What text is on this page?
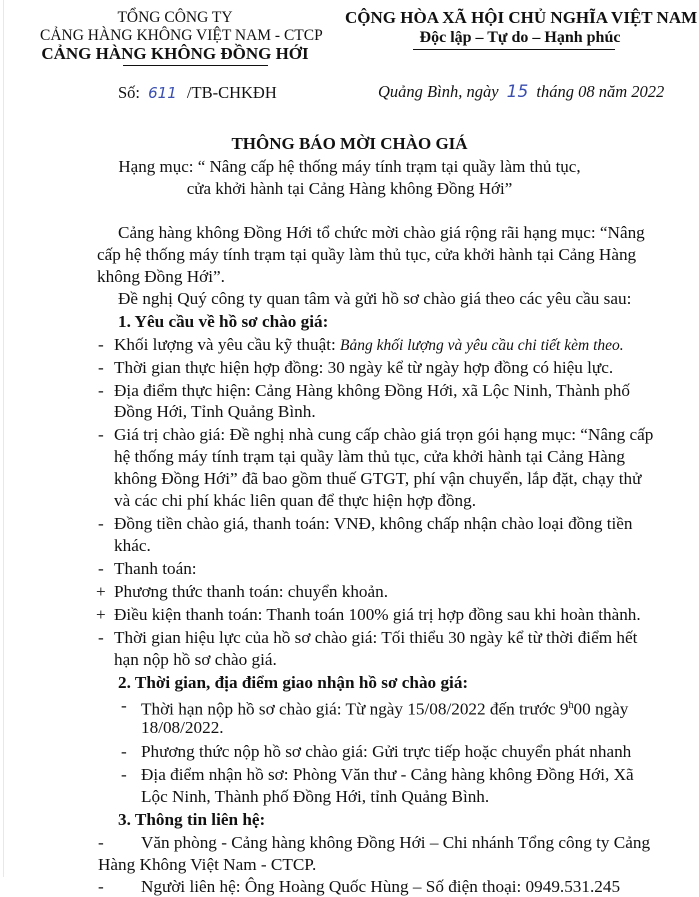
TỔNG CÔNG TY
CẢNG HÀNG KHÔNG VIỆT NAM - CTCP
CẢNG HÀNG KHÔNG ĐỒNG HỚI
CỘNG HÒA XÃ HỘI CHỦ NGHĨA VIỆT NAM
Độc lập – Tự do – Hạnh phúc
Số: 611 /TB-CHKĐH	Quảng Bình, ngày 15 tháng 08 năm 2022
THÔNG BÁO MỜI CHÀO GIÁ
Hạng mục: “ Nâng cấp hệ thống máy tính trạm tại quầy làm thủ tục,
cửa khởi hành tại Cảng Hàng không Đồng Hới”
Cảng hàng không Đồng Hới tổ chức mời chào giá rộng rãi hạng mục: “Nâng
cấp hệ thống máy tính trạm tại quầy làm thủ tục, cửa khởi hành tại Cảng Hàng
không Đồng Hới”.
Đề nghị Quý công ty quan tâm và gửi hồ sơ chào giá theo các yêu cầu sau:
1. Yêu cầu về hồ sơ chào giá:
- Khối lượng và yêu cầu kỹ thuật: Bảng khối lượng và yêu cầu chi tiết kèm theo.
- Thời gian thực hiện hợp đồng: 30 ngày kể từ ngày hợp đồng có hiệu lực.
- Địa điểm thực hiện: Cảng Hàng không Đồng Hới, xã Lộc Ninh, Thành phố
Đồng Hới, Tỉnh Quảng Bình.
- Giá trị chào giá: Đề nghị nhà cung cấp chào giá trọn gói hạng mục: “Nâng cấp
hệ thống máy tính trạm tại quầy làm thủ tục, cửa khởi hành tại Cảng Hàng
không Đồng Hới” đã bao gồm thuế GTGT, phí vận chuyển, lắp đặt, chạy thử
và các chi phí khác liên quan để thực hiện hợp đồng.
- Đồng tiền chào giá, thanh toán: VNĐ, không chấp nhận chào loại đồng tiền
khác.
- Thanh toán:
+ Phương thức thanh toán: chuyển khoản.
+ Điều kiện thanh toán: Thanh toán 100% giá trị hợp đồng sau khi hoàn thành.
- Thời gian hiệu lực của hồ sơ chào giá: Tối thiểu 30 ngày kể từ thời điểm hết
hạn nộp hồ sơ chào giá.
2. Thời gian, địa điểm giao nhận hồ sơ chào giá:
- Thời hạn nộp hồ sơ chào giá: Từ ngày 15/08/2022 đến trước 9$^h$00 ngày
18/08/2022.
- Phương thức nộp hồ sơ chào giá: Gửi trực tiếp hoặc chuyển phát nhanh
- Địa điểm nhận hồ sơ: Phòng Văn thư - Cảng hàng không Đồng Hới, Xã
Lộc Ninh, Thành phố Đồng Hới, tỉnh Quảng Bình.
3. Thông tin liên hệ:
- Văn phòng - Cảng hàng không Đồng Hới – Chi nhánh Tổng công ty Cảng
Hàng Không Việt Nam - CTCP.
- Người liên hệ: Ông Hoàng Quốc Hùng – Số điện thoại: 0949.531.245
